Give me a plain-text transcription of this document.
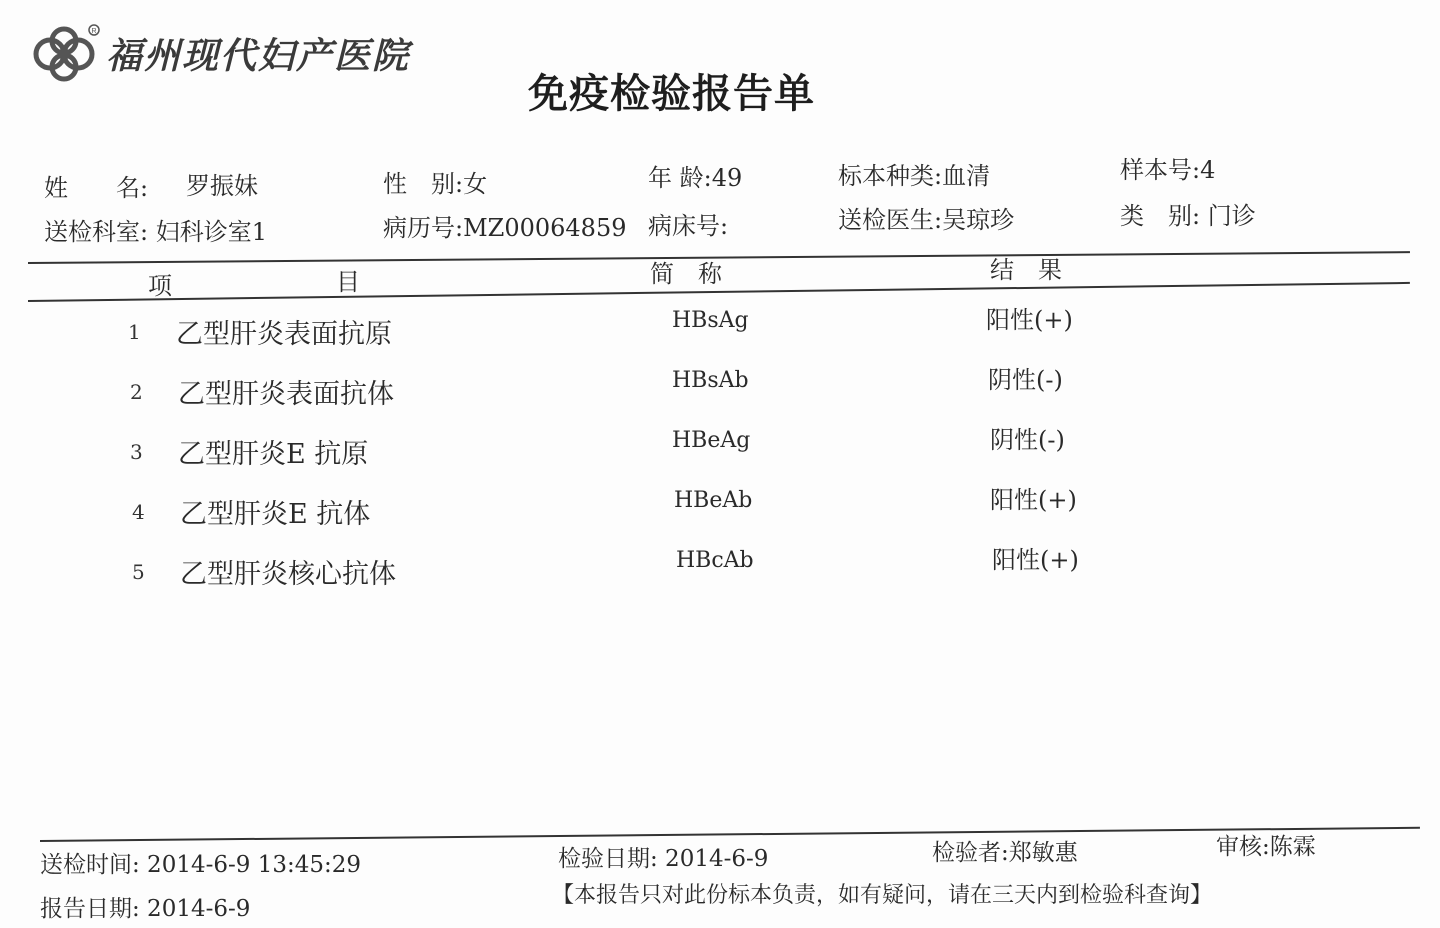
R
福州现代妇产医院
免疫检验报告单
姓　　名: 罗振妹	性　别:女	年 龄:49	标本种类:血清	样本号:4
送检科室: 妇科诊室1	病历号:MZ00064859 病床号:	送检医生:吴琼珍	类　别: 门诊
项	目	简　称	结　果
1 乙型肝炎表面抗原	HBsAg	阳性(+)
2 乙型肝炎表面抗体	HBsAb	阴性(-)
3 乙型肝炎E 抗原	HBeAg	阴性(-)
4 乙型肝炎E 抗体	HBeAb	阳性(+)
5 乙型肝炎核心抗体	HBcAb	阳性(+)
送检时间: 2014-6-9 13:45:29	检验日期: 2014-6-9	检验者:郑敏惠	审核:陈霖
报告日期: 2014-6-9
【本报告只对此份标本负责，如有疑问，请在三天内到检验科查询】
